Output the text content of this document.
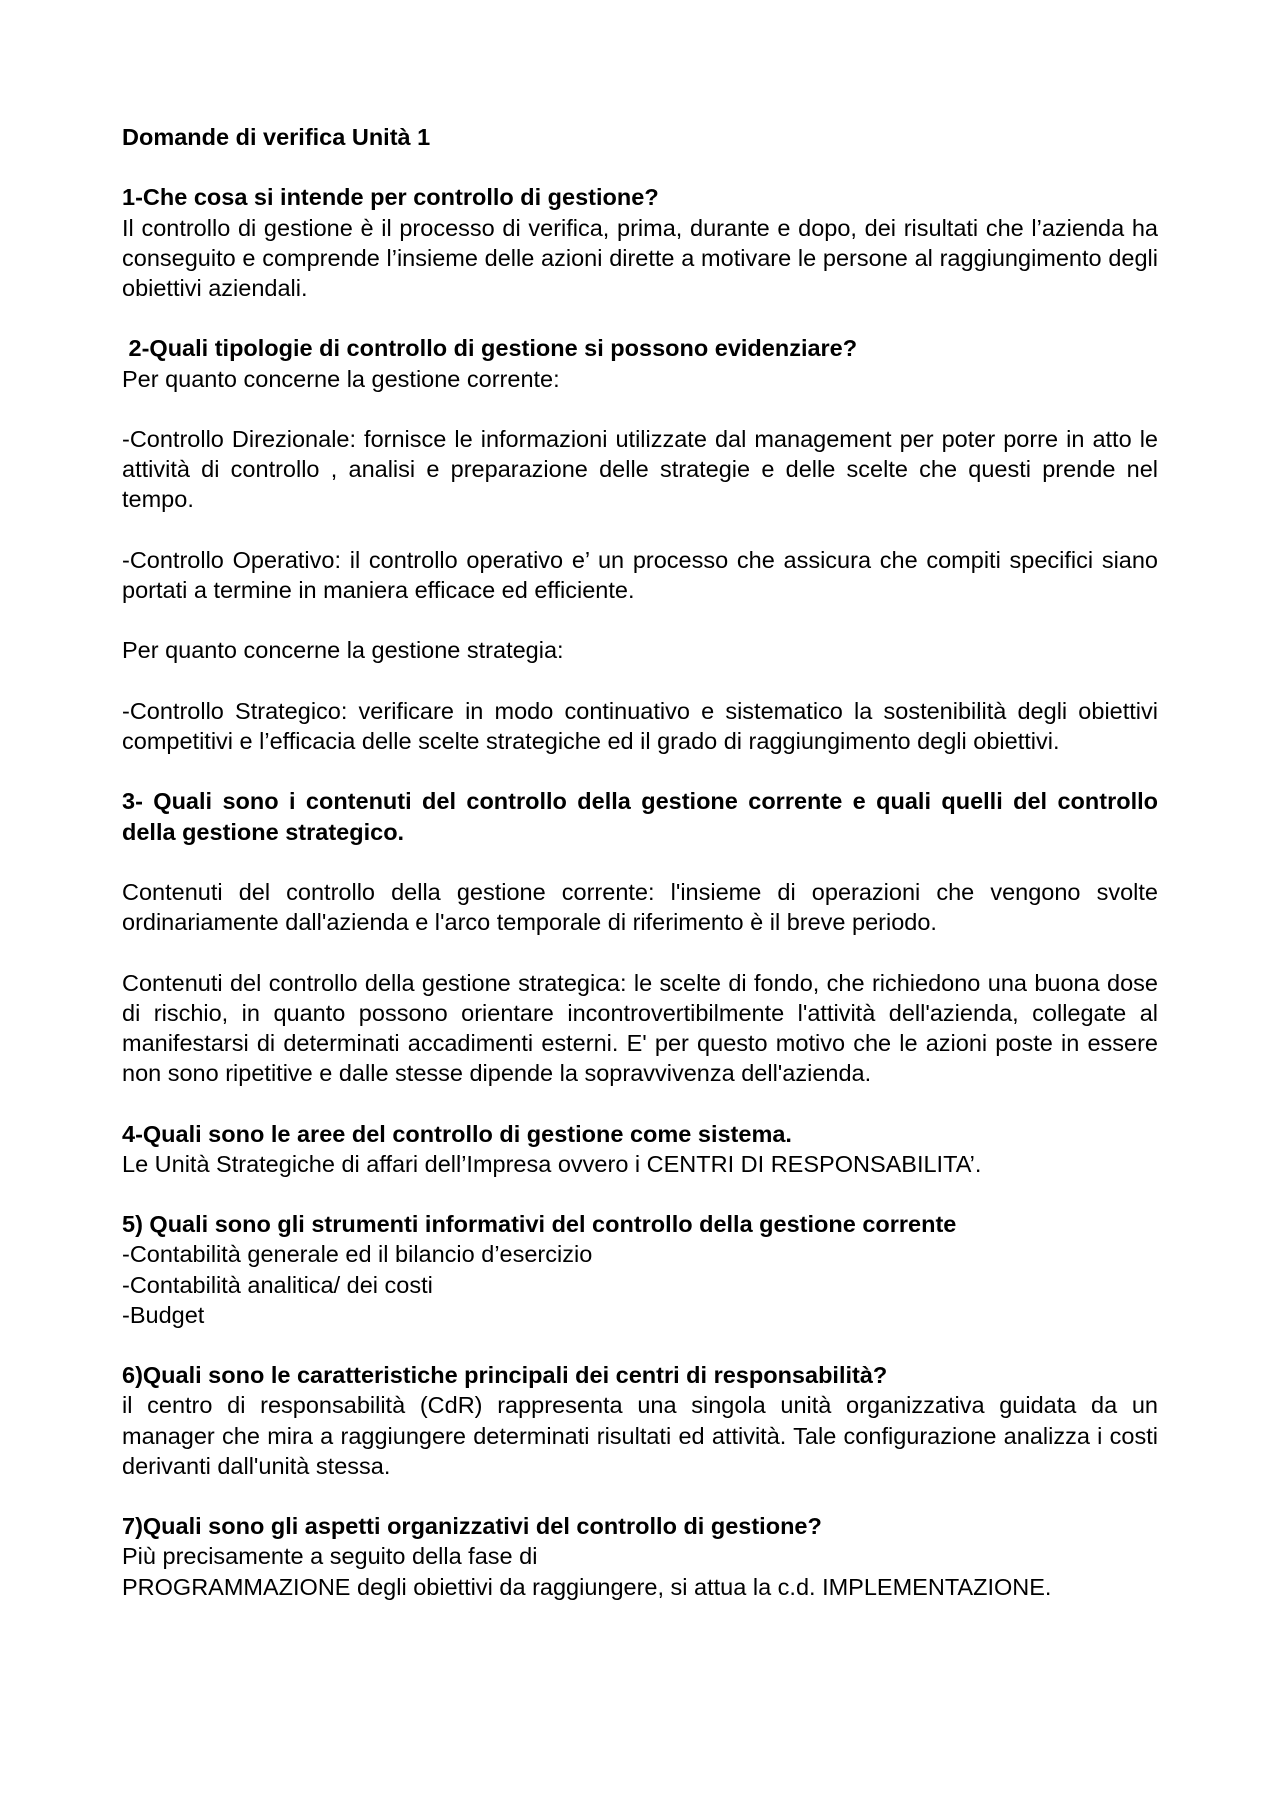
Domande di verifica Unità 1
1-Che cosa si intende per controllo di gestione?
Il controllo di gestione è il processo di verifica, prima, durante e dopo, dei risultati che l’azienda ha conseguito e comprende l’insieme delle azioni dirette a motivare le persone al raggiungimento degli obiettivi aziendali.
2-Quali tipologie di controllo di gestione si possono evidenziare?
Per quanto concerne la gestione corrente:
-Controllo Direzionale: fornisce le informazioni utilizzate dal management per poter porre in atto le attività di controllo , analisi e preparazione delle strategie e delle scelte che questi prende nel tempo.
-Controllo Operativo: il controllo operativo e’ un processo che assicura che compiti specifici siano portati a termine in maniera efficace ed efficiente.
Per quanto concerne la gestione strategia:
-Controllo Strategico: verificare in modo continuativo e sistematico la sostenibilità degli obiettivi competitivi e l’efficacia delle scelte strategiche ed il grado di raggiungimento degli obiettivi.
3- Quali sono i contenuti del controllo della gestione corrente e quali quelli del controllo della gestione strategico.
Contenuti del controllo della gestione corrente: l'insieme di operazioni che vengono svolte ordinariamente dall'azienda e l'arco temporale di riferimento è il breve periodo.
Contenuti del controllo della gestione strategica: le scelte di fondo, che richiedono una buona dose di rischio, in quanto possono orientare incontrovertibilmente l'attività dell'azienda, collegate al manifestarsi di determinati accadimenti esterni. E' per questo motivo che le azioni poste in essere non sono ripetitive e dalle stesse dipende la sopravvivenza dell'azienda.
4-Quali sono le aree del controllo di gestione come sistema.
Le Unità Strategiche di affari dell’Impresa ovvero i CENTRI DI RESPONSABILITA’.
5) Quali sono gli strumenti informativi del controllo della gestione corrente
-Contabilità generale ed il bilancio d’esercizio
-Contabilità analitica/ dei costi
-Budget
6)Quali sono le caratteristiche principali dei centri di responsabilità?
il centro di responsabilità (CdR) rappresenta una singola unità organizzativa guidata da un manager che mira a raggiungere determinati risultati ed attività. Tale configurazione analizza i costi derivanti dall'unità stessa.
7)Quali sono gli aspetti organizzativi del controllo di gestione?
Più precisamente a seguito della fase di
PROGRAMMAZIONE degli obiettivi da raggiungere, si attua la c.d. IMPLEMENTAZIONE.
